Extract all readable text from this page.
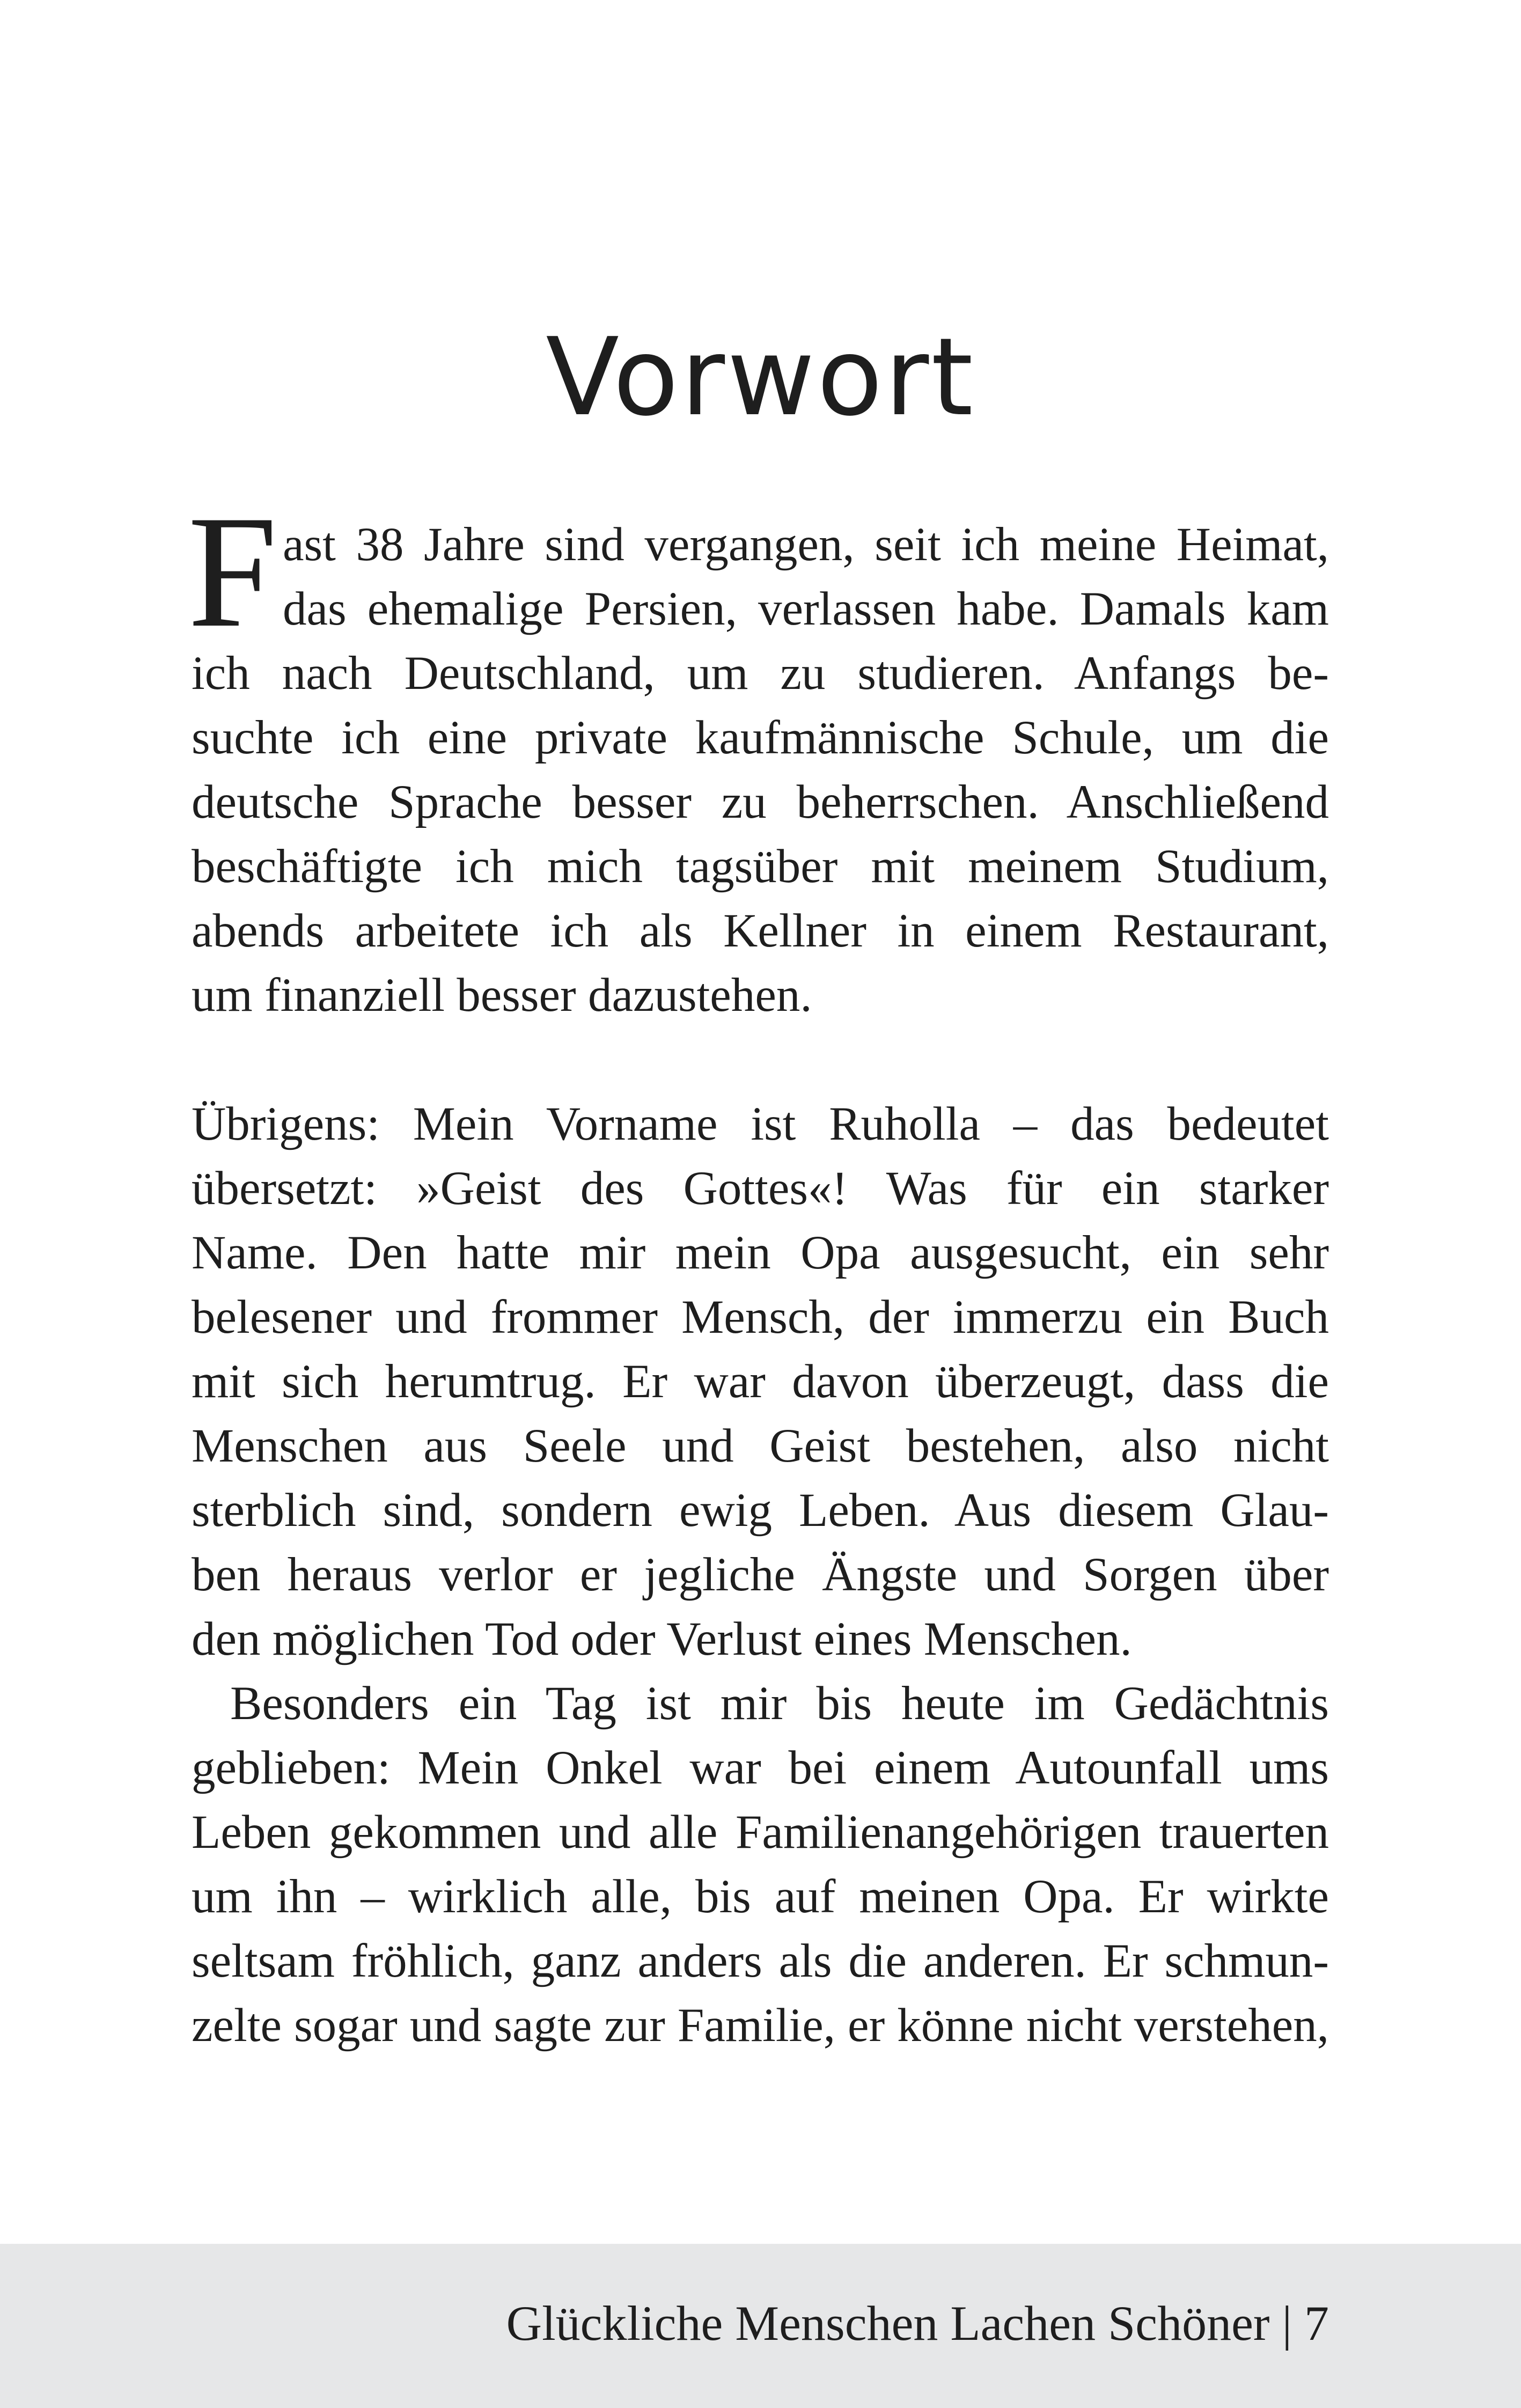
Vorwort
F ast 38 Jahre sind vergangen, seit ich meine Heimat,
das ehemalige Persien, verlassen habe. Damals kam
ich nach Deutschland, um zu studieren. Anfangs be-
suchte ich eine private kaufmännische Schule, um die
deutsche Sprache besser zu beherrschen. Anschließend
beschäftigte ich mich tagsüber mit meinem Studium,
abends arbeitete ich als Kellner in einem Restaurant,
um finanziell besser dazustehen.
Übrigens: Mein Vorname ist Ruholla – das bedeutet
übersetzt: »Geist des Gottes«! Was für ein starker
Name. Den hatte mir mein Opa ausgesucht, ein sehr
belesener und frommer Mensch, der immerzu ein Buch
mit sich herumtrug. Er war davon überzeugt, dass die
Menschen aus Seele und Geist bestehen, also nicht
sterblich sind, sondern ewig Leben. Aus diesem Glau-
ben heraus verlor er jegliche Ängste und Sorgen über
den möglichen Tod oder Verlust eines Menschen.
Besonders ein Tag ist mir bis heute im Gedächtnis
geblieben: Mein Onkel war bei einem Autounfall ums
Leben gekommen und alle Familienangehörigen trauerten
um ihn – wirklich alle, bis auf meinen Opa. Er wirkte
seltsam fröhlich, ganz anders als die anderen. Er schmun-
zelte sogar und sagte zur Familie, er könne nicht verstehen,
Glückliche Menschen Lachen Schöner | 7
